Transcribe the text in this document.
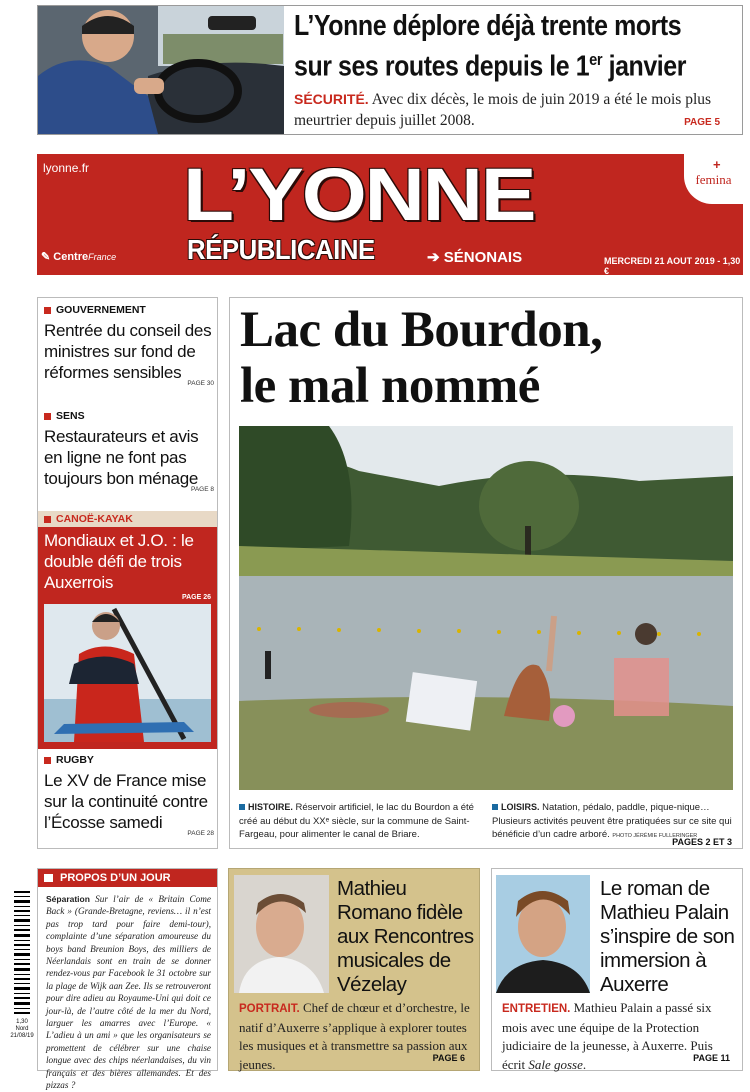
L’Yonne déplore déjà trente morts
sur ses routes depuis le 1er janvier
SÉCURITÉ. Avec dix décès, le mois de juin 2019 a été le mois plus meurtrier depuis juillet 2008.	PAGE 5
lyonne.fr L’YONNE
RÉPUBLICAINE	➔ SÉNONAIS
✎ CentreFrance	MERCREDI 21 AOUT 2019 - 1,30 €
+
femina
GOUVERNEMENT
Rentrée du conseil des ministres sur fond de réformes sensibles
PAGE 30
SENS
Restaurateurs et avis en ligne ne font pas toujours bon ménage
PAGE 8
CANOË-KAYAK
Mondiaux et J.O. : le double défi de trois Auxerrois
PAGE 26
RUGBY
Le XV de France mise sur la continuité contre l’Écosse samedi
PAGE 28
Lac du Bourdon,
le mal nommé
HISTOIRE. Réservoir artificiel, le lac du Bourdon a été créé au début du XXᵉ siècle, sur la commune de Saint-Fargeau, pour alimenter le canal de Briare.
LOISIRS. Natation, pédalo, paddle, pique-nique… Plusieurs activités peuvent être pratiquées sur ce site qui bénéficie d’un cadre arboré. PHOTO JÉRÉMIE FULLERINGER
PAGES 2 ET 3
1,30
Nord
21/08/19
PROPOS D’UN JOUR
Séparation Sur l’air de « Britain Come Back » (Grande-Bretagne, reviens… il n’est pas trop tard pour faire demi-tour), complainte d’une séparation amoureuse du boys band Breunion Boys, des milliers de Néerlandais sont en train de se donner rendez-vous par Facebook le 31 octobre sur la plage de Wijk aan Zee. Ils se retrouveront pour dire adieu au Royaume-Uni qui doit ce jour-là, de l’autre côté de la mer du Nord, larguer les amarres avec l’Europe. « L’adieu à un ami » que les organisateurs se promettent de célébrer sur une chaise longue avec des chips néerlandaises, du vin français et des bières allemandes. Et des pizzas ?
Mathieu Romano fidèle aux Rencontres musicales de Vézelay
PORTRAIT. Chef de chœur et d’orchestre, le natif d’Auxerre s’applique à explorer toutes les musiques et à transmettre sa passion aux jeunes.	PAGE 6
Le roman de Mathieu Palain s’inspire de son immersion à Auxerre
ENTRETIEN. Mathieu Palain a passé six mois avec une équipe de la Protection judiciaire de la jeunesse, à Auxerre. Puis écrit Sale gosse.	PAGE 11
